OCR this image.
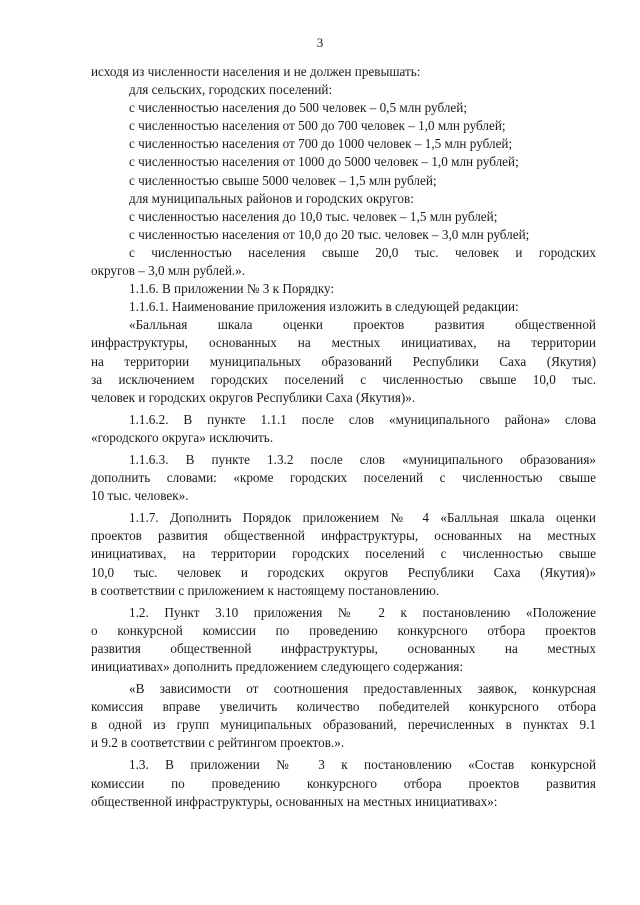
3
исходя из численности населения и не должен превышать:
для сельских, городских поселений:
с численностью населения до 500 человек – 0,5 млн рублей;
с численностью населения от 500 до 700 человек – 1,0 млн рублей;
с численностью населения от 700 до 1000 человек – 1,5 млн рублей;
с численностью населения от 1000 до 5000 человек – 1,0 млн рублей;
с численностью свыше 5000 человек – 1,5 млн рублей;
для муниципальных районов и городских округов:
с численностью населения до 10,0 тыс. человек – 1,5 млн рублей;
с численностью населения от 10,0 до 20 тыс. человек – 3,0 млн рублей;
с численностью населения свыше 20,0 тыс. человек и городских
округов – 3,0 млн рублей.».
1.1.6. В приложении № 3 к Порядку:
1.1.6.1. Наименование приложения изложить в следующей редакции:
«Балльная шкала оценки проектов развития общественной
инфраструктуры, основанных на местных инициативах, на территории
на территории муниципальных образований Республики Саха (Якутия)
за исключением городских поселений с численностью свыше 10,0 тыс.
человек и городских округов Республики Саха (Якутия)».
1.1.6.2. В пункте 1.1.1 после слов «муниципального района» слова
«городского округа» исключить.
1.1.6.3. В пункте 1.3.2 после слов «муниципального образования»
дополнить словами: «кроме городских поселений с численностью свыше
10 тыс. человек».
1.1.7. Дополнить Порядок приложением № 4 «Балльная шкала оценки
проектов развития общественной инфраструктуры, основанных на местных
инициативах, на территории городских поселений с численностью свыше
10,0 тыс. человек и городских округов Республики Саха (Якутия)»
в соответствии с приложением к настоящему постановлению.
1.2. Пункт 3.10 приложения № 2 к постановлению «Положение
о конкурсной комиссии по проведению конкурсного отбора проектов
развития общественной инфраструктуры, основанных на местных
инициативах» дополнить предложением следующего содержания:
«В зависимости от соотношения предоставленных заявок, конкурсная
комиссия вправе увеличить количество победителей конкурсного отбора
в одной из групп муниципальных образований, перечисленных в пунктах 9.1
и 9.2 в соответствии с рейтингом проектов.».
1.3. В приложении № 3 к постановлению «Состав конкурсной
комиссии по проведению конкурсного отбора проектов развития
общественной инфраструктуры, основанных на местных инициативах»:
